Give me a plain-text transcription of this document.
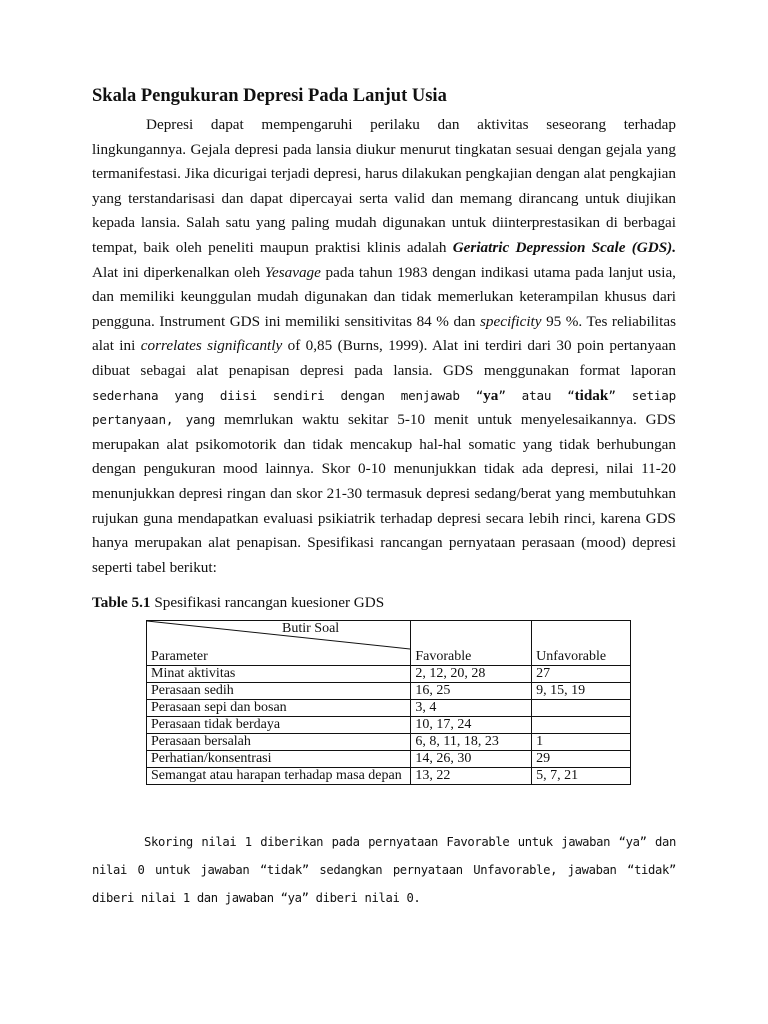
Skala Pengukuran Depresi Pada Lanjut Usia

Depresi dapat mempengaruhi perilaku dan aktivitas seseorang terhadap lingkungannya. Gejala depresi pada lansia diukur menurut tingkatan sesuai dengan gejala yang termanifestasi. Jika dicurigai terjadi depresi, harus dilakukan pengkajian dengan alat pengkajian yang terstandarisasi dan dapat dipercayai serta valid dan memang dirancang untuk diujikan kepada lansia. Salah satu yang paling mudah digunakan untuk diinterprestasikan di berbagai tempat, baik oleh peneliti maupun praktisi klinis adalah Geriatric Depression Scale (GDS). Alat ini diperkenalkan oleh Yesavage pada tahun 1983 dengan indikasi utama pada lanjut usia, dan memiliki keunggulan mudah digunakan dan tidak memerlukan keterampilan khusus dari pengguna. Instrument GDS ini memiliki sensitivitas 84 % dan specificity 95 %. Tes reliabilitas alat ini correlates significantly of 0,85 (Burns, 1999). Alat ini terdiri dari 30 poin pertanyaan dibuat sebagai alat penapisan depresi pada lansia. GDS menggunakan format laporan sederhana yang diisi sendiri dengan menjawab “ya” atau “tidak” setiap pertanyaan, yang memrlukan waktu sekitar 5-10 menit untuk menyelesaikannya. GDS merupakan alat psikomotorik dan tidak mencakup hal-hal somatic yang tidak berhubungan dengan pengukuran mood lainnya. Skor 0-10 menunjukkan tidak ada depresi, nilai 11-20 menunjukkan depresi ringan dan skor 21-30 termasuk depresi sedang/berat yang membutuhkan rujukan guna mendapatkan evaluasi psikiatrik terhadap depresi secara lebih rinci, karena GDS hanya merupakan alat penapisan. Spesifikasi rancangan pernyataan perasaan (mood) depresi seperti tabel berikut:

Table 5.1 Spesifikasi rancangan kuesioner GDS

Butir Soal
Parameter	Favorable	Unfavorable
Minat aktivitas	2, 12, 20, 28	27
Perasaan sedih	16, 25	9, 15, 19
Perasaan sepi dan bosan	3, 4	
Perasaan tidak berdaya	10, 17, 24	
Perasaan bersalah	6, 8, 11, 18, 23	1
Perhatian/konsentrasi	14, 26, 30	29
Semangat atau harapan terhadap masa depan	13, 22	5, 7, 21

Skoring nilai 1 diberikan pada pernyataan Favorable untuk jawaban “ya” dan nilai 0 untuk jawaban “tidak” sedangkan pernyataan Unfavorable, jawaban “tidak” diberi nilai 1 dan jawaban “ya” diberi nilai 0.
